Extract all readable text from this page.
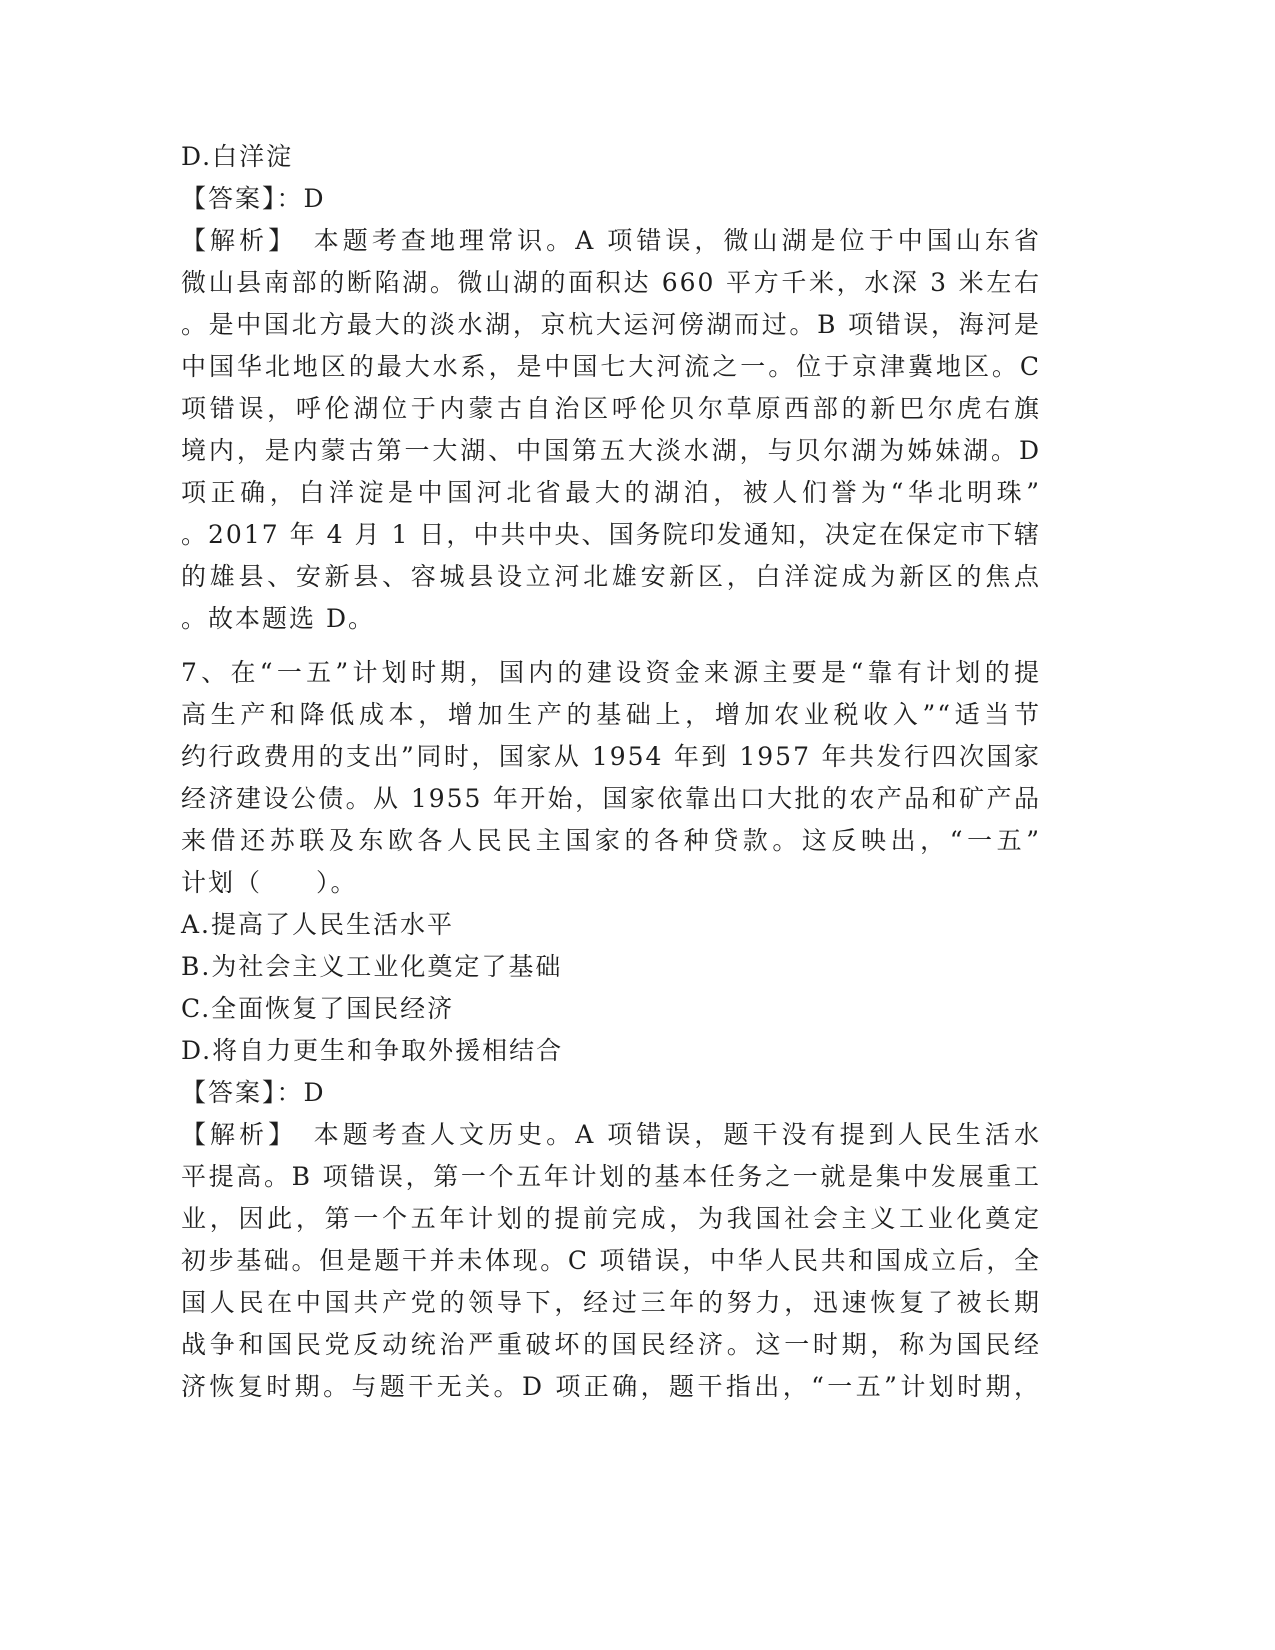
D.白洋淀
【答案】：D
【解析】　本题考查地理常识。A 项错误，微山湖是位于中国山东省
微山县南部的断陷湖。微山湖的面积达 660 平方千米，水深 3 米左右
。是中国北方最大的淡水湖，京杭大运河傍湖而过。B 项错误，海河是
中国华北地区的最大水系，是中国七大河流之一。位于京津冀地区。C
项错误，呼伦湖位于内蒙古自治区呼伦贝尔草原西部的新巴尔虎右旗
境内，是内蒙古第一大湖、中国第五大淡水湖，与贝尔湖为姊妹湖。D
项正确，白洋淀是中国河北省最大的湖泊，被人们誉为“华北明珠”
。2017 年 4 月 1 日，中共中央、国务院印发通知，决定在保定市下辖
的雄县、安新县、容城县设立河北雄安新区，白洋淀成为新区的焦点
。故本题选 D。
7、在“一五”计划时期，国内的建设资金来源主要是“靠有计划的提
高生产和降低成本，增加生产的基础上，增加农业税收入”“适当节
约行政费用的支出”同时，国家从 1954 年到 1957 年共发行四次国家
经济建设公债。从 1955 年开始，国家依靠出口大批的农产品和矿产品
来借还苏联及东欧各人民民主国家的各种贷款。这反映出，“一五”
计划（　　）。
A.提高了人民生活水平
B.为社会主义工业化奠定了基础
C.全面恢复了国民经济
D.将自力更生和争取外援相结合
【答案】：D
【解析】　本题考查人文历史。A 项错误，题干没有提到人民生活水
平提高。B 项错误，第一个五年计划的基本任务之一就是集中发展重工
业，因此，第一个五年计划的提前完成，为我国社会主义工业化奠定
初步基础。但是题干并未体现。C 项错误，中华人民共和国成立后，全
国人民在中国共产党的领导下，经过三年的努力，迅速恢复了被长期
战争和国民党反动统治严重破坏的国民经济。这一时期，称为国民经
济恢复时期。与题干无关。D 项正确，题干指出，“一五”计划时期，
